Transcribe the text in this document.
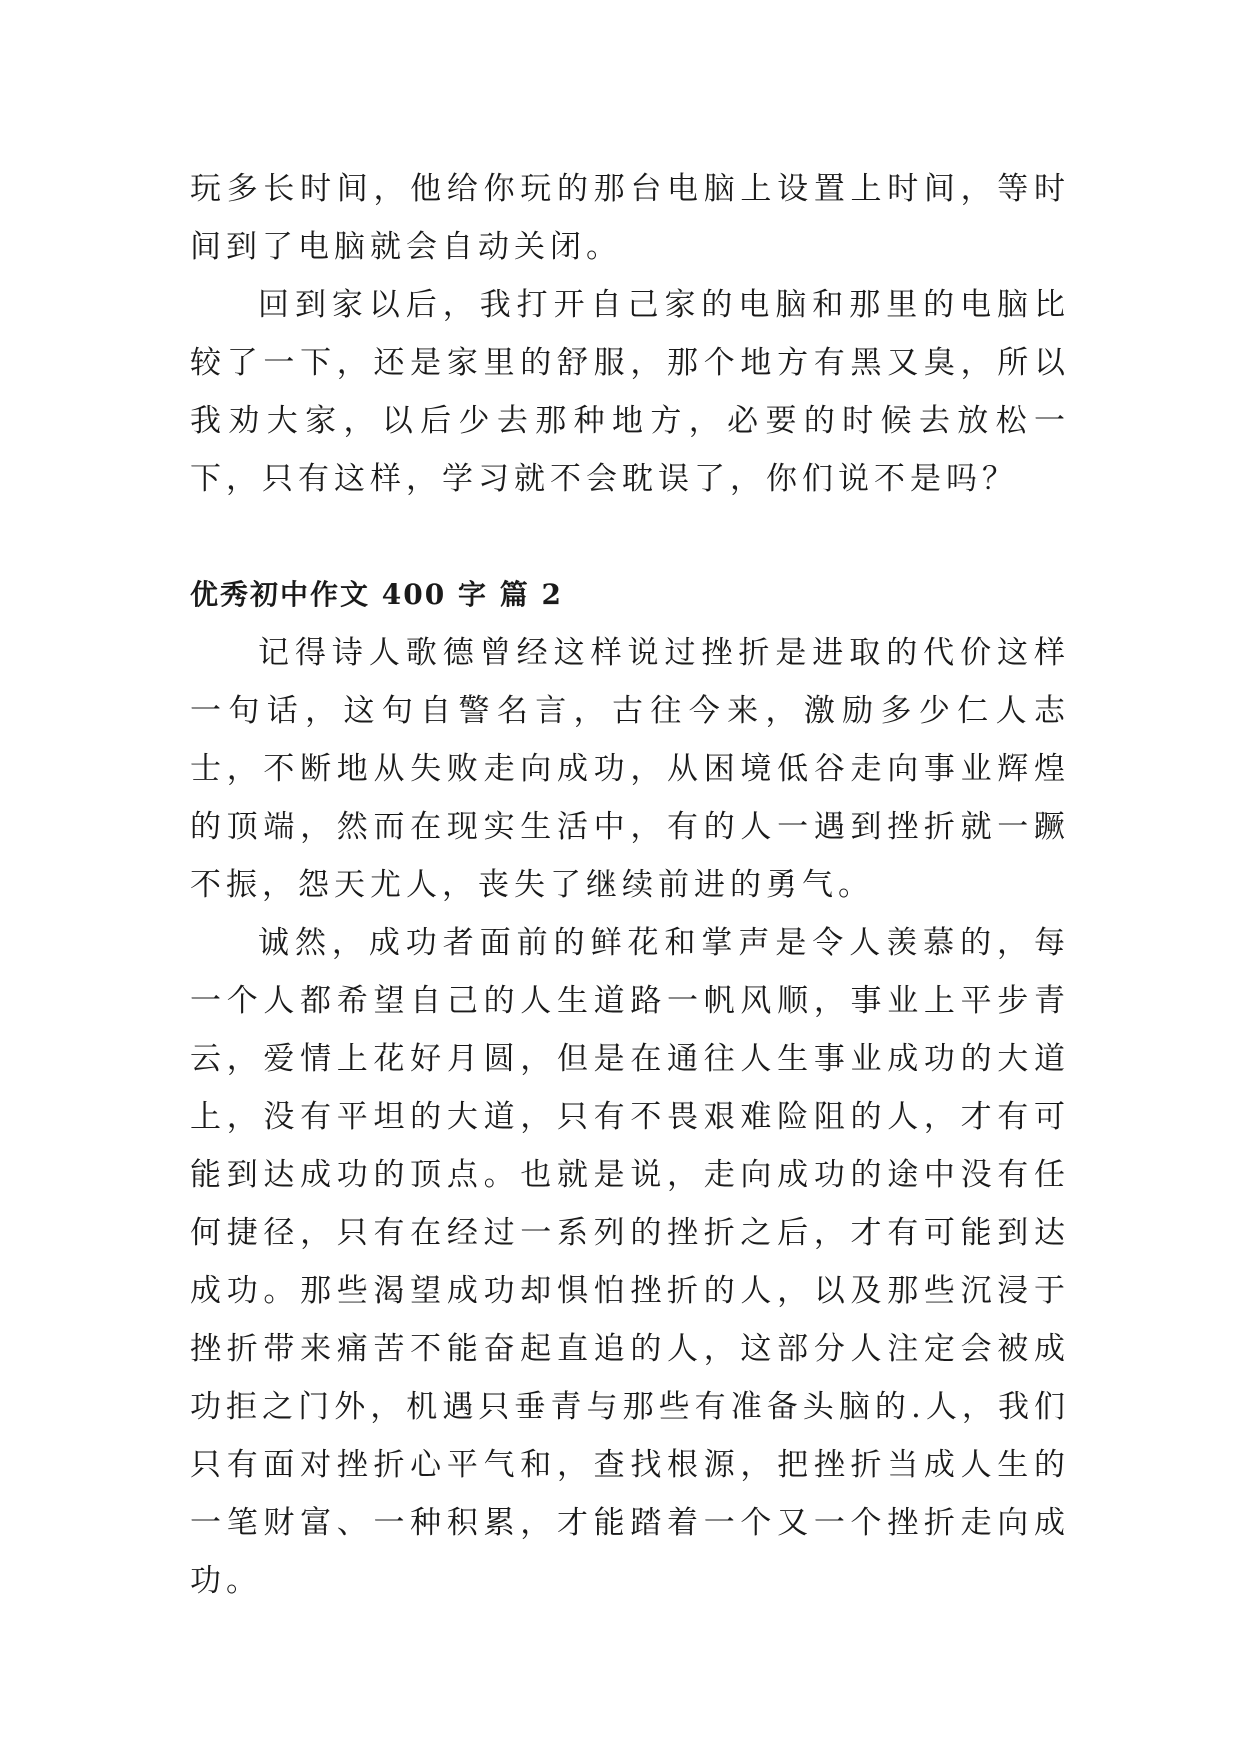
玩多长时间，他给你玩的那台电脑上设置上时间，等时间到了电脑就会自动关闭。

回到家以后，我打开自己家的电脑和那里的电脑比较了一下，还是家里的舒服，那个地方有黑又臭，所以我劝大家，以后少去那种地方，必要的时候去放松一下，只有这样，学习就不会耽误了，你们说不是吗？

优秀初中作文 400 字 篇 2

记得诗人歌德曾经这样说过挫折是进取的代价这样一句话，这句自警名言，古往今来，激励多少仁人志士，不断地从失败走向成功，从困境低谷走向事业辉煌的顶端，然而在现实生活中，有的人一遇到挫折就一蹶不振，怨天尤人，丧失了继续前进的勇气。

诚然，成功者面前的鲜花和掌声是令人羡慕的，每一个人都希望自己的人生道路一帆风顺，事业上平步青云，爱情上花好月圆，但是在通往人生事业成功的大道上，没有平坦的大道，只有不畏艰难险阻的人，才有可能到达成功的顶点。也就是说，走向成功的途中没有任何捷径，只有在经过一系列的挫折之后，才有可能到达成功。那些渴望成功却惧怕挫折的人，以及那些沉浸于挫折带来痛苦不能奋起直追的人，这部分人注定会被成功拒之门外，机遇只垂青与那些有准备头脑的.人，我们只有面对挫折心平气和，查找根源，把挫折当成人生的一笔财富、一种积累，才能踏着一个又一个挫折走向成功。
